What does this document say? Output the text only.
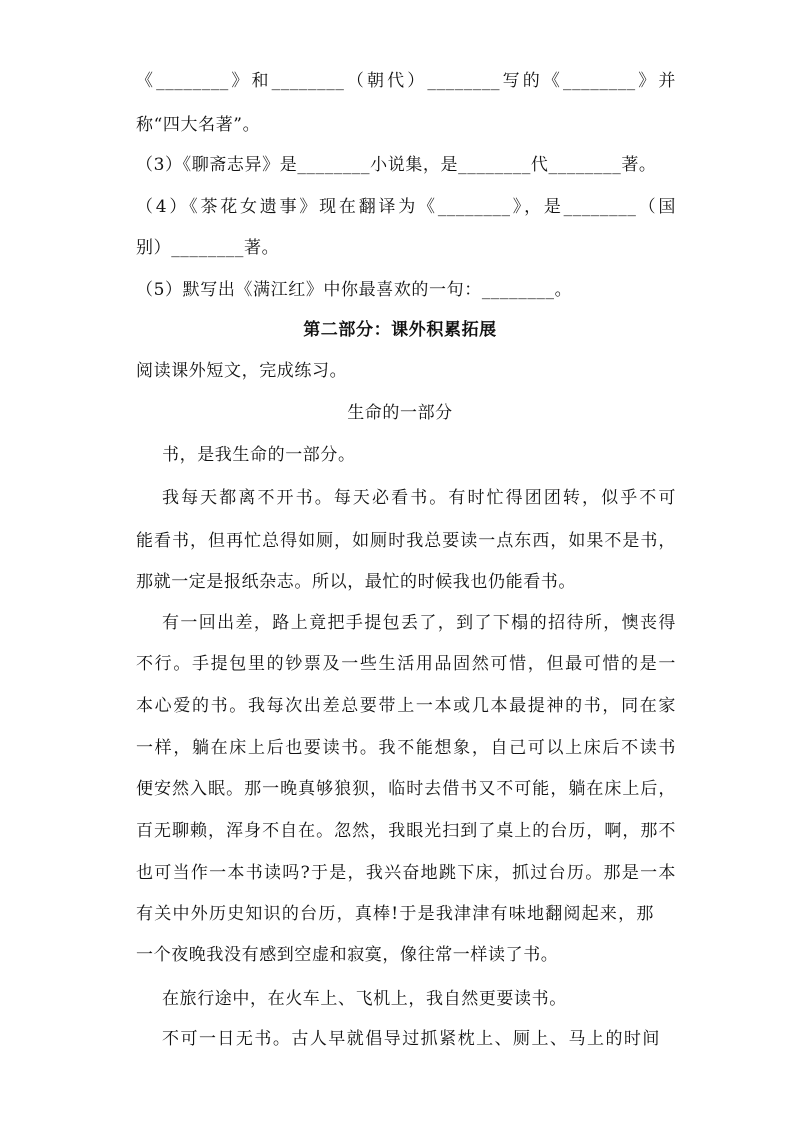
《________》和________（朝代）________写的《________》并
称“四大名著”。
（3）《聊斋志异》是________小说集，是________代________著。
（4）《茶花女遗事》现在翻译为《________》，是________（国
别）________著。
（5）默写出《满江红》中你最喜欢的一句：________。
第二部分：课外积累拓展
阅读课外短文，完成练习。
生命的一部分
书，是我生命的一部分。
我每天都离不开书。每天必看书。有时忙得团团转，似乎不可
能看书，但再忙总得如厕，如厕时我总要读一点东西，如果不是书，
那就一定是报纸杂志。所以，最忙的时候我也仍能看书。
有一回出差，路上竟把手提包丢了，到了下榻的招待所，懊丧得
不行。手提包里的钞票及一些生活用品固然可惜，但最可惜的是一
本心爱的书。我每次出差总要带上一本或几本最提神的书，同在家
一样，躺在床上后也要读书。我不能想象，自己可以上床后不读书
便安然入眠。那一晚真够狼狈，临时去借书又不可能，躺在床上后，
百无聊赖，浑身不自在。忽然，我眼光扫到了桌上的台历，啊，那不
也可当作一本书读吗?于是，我兴奋地跳下床，抓过台历。那是一本
有关中外历史知识的台历，真棒!于是我津津有味地翻阅起来，那
一个夜晚我没有感到空虚和寂寞，像往常一样读了书。
在旅行途中，在火车上、飞机上，我自然更要读书。
不可一日无书。古人早就倡导过抓紧枕上、厕上、马上的时间
